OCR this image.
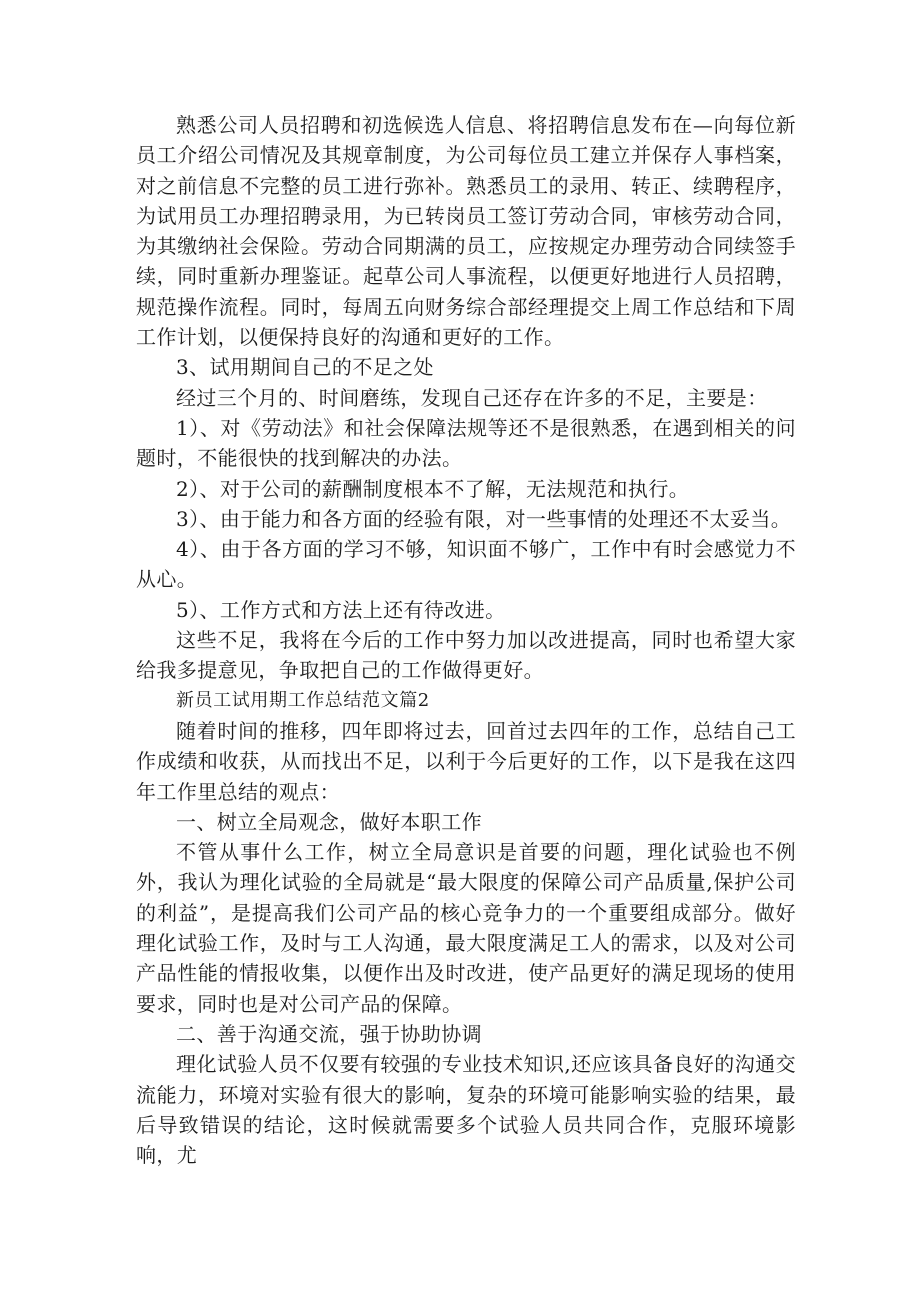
熟悉公司人员招聘和初选候选人信息、将招聘信息发布在—向每位新员工介绍公司情况及其规章制度，为公司每位员工建立并保存人事档案，对之前信息不完整的员工进行弥补。熟悉员工的录用、转正、续聘程序，为试用员工办理招聘录用，为已转岗员工签订劳动合同，审核劳动合同，为其缴纳社会保险。劳动合同期满的员工，应按规定办理劳动合同续签手续，同时重新办理鉴证。起草公司人事流程，以便更好地进行人员招聘，规范操作流程。同时，每周五向财务综合部经理提交上周工作总结和下周工作计划，以便保持良好的沟通和更好的工作。

3、试用期间自己的不足之处

经过三个月的、时间磨练，发现自己还存在许多的不足，主要是：

1）、对《劳动法》和社会保障法规等还不是很熟悉，在遇到相关的问题时，不能很快的找到解决的办法。

2）、对于公司的薪酬制度根本不了解，无法规范和执行。

3）、由于能力和各方面的经验有限，对一些事情的处理还不太妥当。

4）、由于各方面的学习不够，知识面不够广，工作中有时会感觉力不从心。

5）、工作方式和方法上还有待改进。

这些不足，我将在今后的工作中努力加以改进提高，同时也希望大家给我多提意见，争取把自己的工作做得更好。

新员工试用期工作总结范文篇2

随着时间的推移，四年即将过去，回首过去四年的工作，总结自己工作成绩和收获，从而找出不足，以利于今后更好的工作，以下是我在这四年工作里总结的观点：

一、树立全局观念，做好本职工作

不管从事什么工作，树立全局意识是首要的问题，理化试验也不例外，我认为理化试验的全局就是“最大限度的保障公司产品质量,保护公司的利益”，是提高我们公司产品的核心竞争力的一个重要组成部分。做好理化试验工作，及时与工人沟通，最大限度满足工人的需求，以及对公司产品性能的情报收集，以便作出及时改进，使产品更好的满足现场的使用要求，同时也是对公司产品的保障。

二、善于沟通交流，强于协助协调

理化试验人员不仅要有较强的专业技术知识,还应该具备良好的沟通交流能力，环境对实验有很大的影响，复杂的环境可能影响实验的结果，最后导致错误的结论，这时候就需要多个试验人员共同合作，克服环境影响，尤
